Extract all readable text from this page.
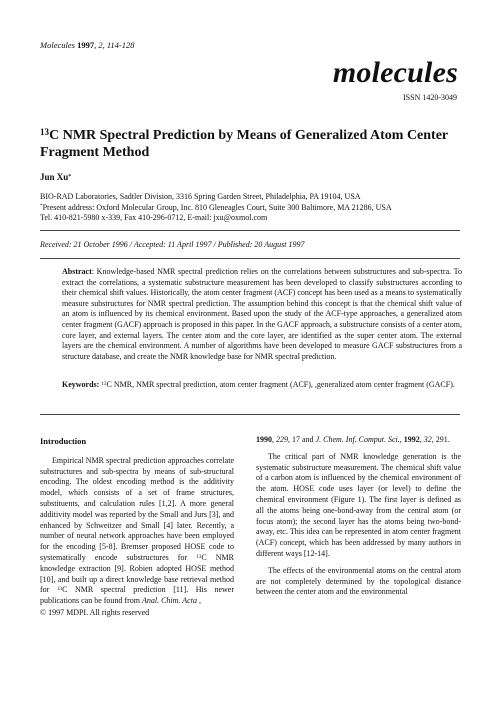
Molecules 1997, 2, 114-128
molecules
ISSN 1420-3049
$^{13}$C NMR Spectral Prediction by Means of Generalized Atom Center Fragment Method
Jun Xu*
BIO-RAD Laboratories, Sadtler Division, 3316 Spring Garden Street, Philadelphia, PA 19104, USA
*Present address: Oxford Molecular Group, Inc. 810 Gleneagles Court, Suite 300 Baltimore, MA 21286, USA
Tel. 410-821-5980 x-339, Fax 410-296-0712, E-mail: jxu@oxmol.com
Received: 21 October 1996 / Accepted: 11 April 1997 / Published: 20 August 1997
Abstract: Knowledge-based NMR spectral prediction relies on the correlations between substructures and sub-spectra. To extract the correlations, a systematic substructure measurement has been developed to classify substructures according to their chemical shift values. Historically, the atom center fragment (ACF) concept has been used as a means to systematically measure substructures for NMR spectral prediction. The assumption behind this concept is that the chemical shift value of an atom is influenced by its chemical environment. Based upon the study of the ACF-type approaches, a generalized atom center fragment (GACF) approach is proposed in this paper. In the GACF approach, a substructure consists of a center atom, core layer, and external layers. The center atom and the core layer, are identified as the super center atom. The external layers are the chemical environment. A number of algorithms have been developed to measure GACF substructures from a structure database, and create the NMR knowledge base for NMR spectral prediction.
Keywords: $^{13}$C NMR, NMR spectral prediction, atom center fragment (ACF), ,generalized atom center fragment (GACF).
Introduction

Empirical NMR spectral prediction approaches correlate substructures and sub-spectra by means of sub-structural encoding. The oldest encoding method is the additivity model, which consists of a set of frame structures, substituents, and calculation rules [1,2]. A more general additivity model was reported by the Small and Jurs [3], and enhanced by Schweitzer and Small [4] later. Recently, a number of neural network approaches have been employed for the encoding [5-8]. Bremser proposed HOSE code to systematically encode substructures for $^{13}$C NMR knowledge extraction [9]. Robien adopted HOSE method [10], and built up a direct knowledge base retrieval method for $^{13}$C NMR spectral prediction [11]. His newer publications can be found from Anal. Chim. Acta ,

1990, 229, 17 and J. Chem. Inf. Comput. Sci., 1992, 32, 291.

The critical part of NMR knowledge generation is the systematic substructure measurement. The chemical shift value of a carbon atom is influenced by the chemical environment of the atom. HOSE code uses layer (or level) to define the chemical environment (Figure 1). The first layer is defined as all the atoms being one-bond-away from the central atom (or focus atom); the second layer has the atoms being two-bond-away, etc. This idea can be represented in atom center fragment (ACF) concept, which has been addressed by many authors in different ways [12-14].

The effects of the environmental atoms on the central atom are not completely determined by the topological distance between the center atom and the environmental

© 1997 MDPI. All rights reserved
